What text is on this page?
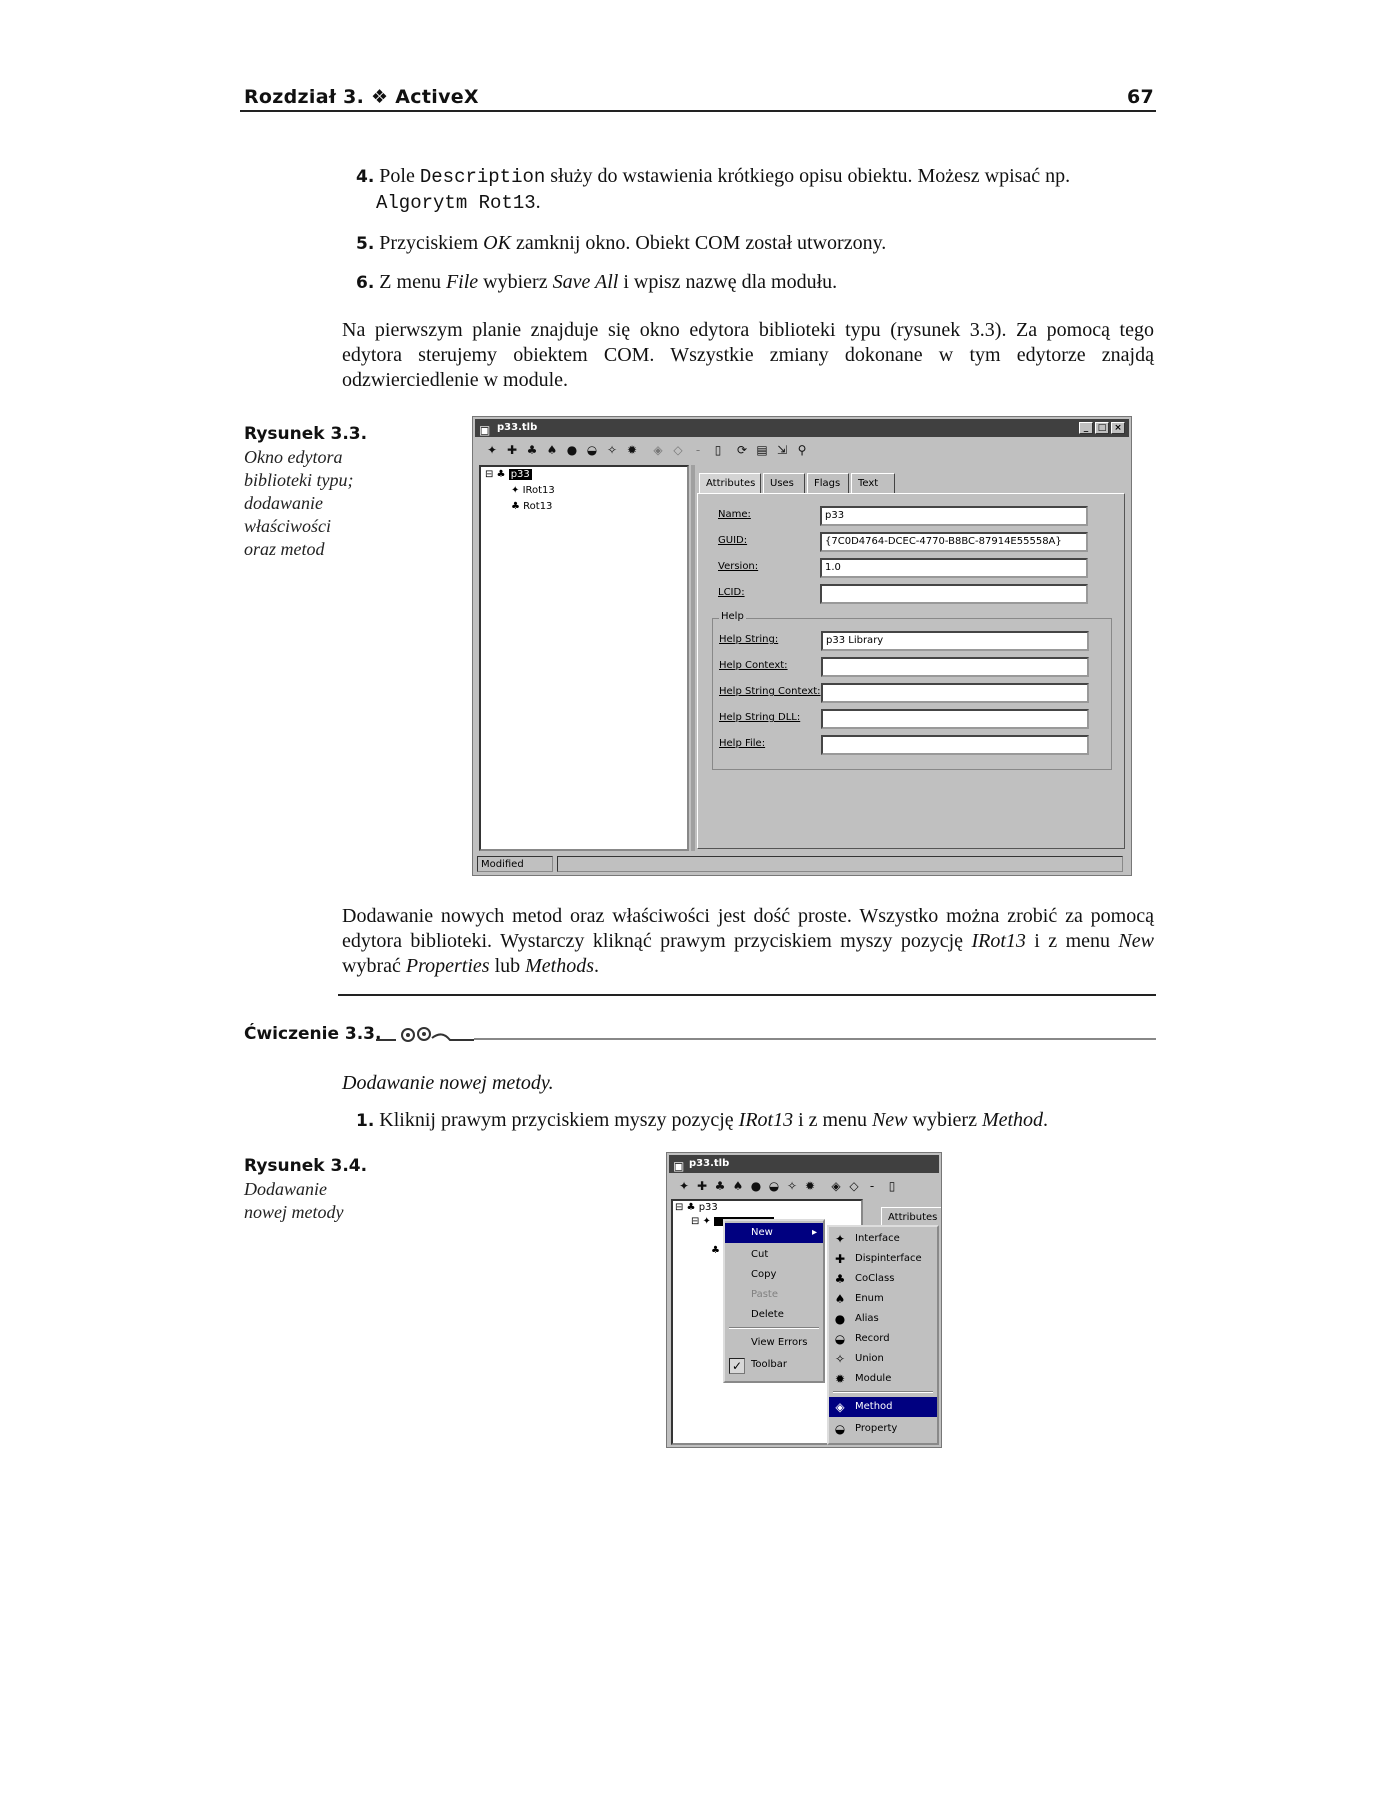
Rozdział 3. ❖ ActiveX	67
4. Pole Description służy do wstawienia krótkiego opisu obiektu. Możesz wpisać np.
Algorytm Rot13.
5. Przyciskiem OK zamknij okno. Obiekt COM został utworzony.
6. Z menu File wybierz Save All i wpisz nazwę dla modułu.
Na pierwszym planie znajduje się okno edytora biblioteki typu (rysunek 3.3). Za pomocą tego edytora sterujemy obiektem COM. Wszystkie zmiany dokonane w tym edytorze znajdą odzwierciedlenie w module.
Rysunek 3.3.
Okno edytora biblioteki typu; dodawanie właściwości oraz metod
▣ p33.tlb	_	□ ×
✦ ✚ ♣ ♠ ● ◒ ✧ ✹ ◈ ◇	-	▯	⟳ ▤ ⇲ ⚲
⊟ ♣ p33
✦ IRot13
♣ Rot13
Attributes	Uses	Flags	Text
Name:	p33
GUID:	{7C0D4764-DCEC-4770-B8BC-87914E55558A}
Version:	1.0
LCID:
Help
Help String:	p33 Library
Help Context:
Help String Context:
Help String DLL:
Help File:
Modified
Dodawanie nowych metod oraz właściwości jest dość proste. Wszystko można zrobić za pomocą edytora biblioteki. Wystarczy kliknąć prawym przyciskiem myszy pozycję IRot13 i z menu New wybrać Properties lub Methods.
Ćwiczenie 3.3.
Dodawanie nowej metody.
1. Kliknij prawym przyciskiem myszy pozycję IRot13 i z menu New wybierz Method.
Rysunek 3.4.
Dodawanie nowej metody
▣ p33.tlb
✦ ✚ ♣ ♠ ● ◒ ✧ ✹ ◈ ◇ -	▯
⊟ ♣ p33
⊟ ✦
♣
Attributes
New	▸
Cut
Copy
Paste
Delete
View Errors
✓ Toolbar
✦ Interface
✚ Dispinterface
♣ CoClass
♠ Enum
● Alias
◒ Record
✧ Union
✹ Module
◈ Method
◒ Property
